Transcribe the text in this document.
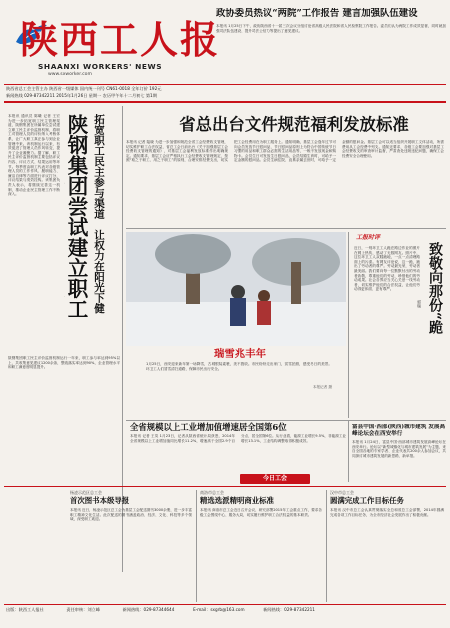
陕西工人报
SHAANXI WORKERS' NEWS
www.sxworker.com
政协委员热议“两院”工作报告 建言加强队伍建设
本报讯 1月25日下午，政协陕西省十一届三次会议分组讨论省高级人民法院和省人民检察院工作报告。委员们认为两院工作成效显著，同时就加强司法队伍建设、提升司法公信力等提出了意见建议。
陕西省总工会主管主办 陕西省一级媒体 国内统一刊号 CN61-0018 全年订价 192元
新闻热线 029-87342211 2015年1月26日 星期一 农历甲午年十二月初七 第1期
陕钢集团尝试建立职工
拓宽职工民主参与渠道　让权力在阳光下健
本报讯 通讯员 陈曦 记者 王宏 为进一步拓宽职工民主管理渠道，陕钢集团在所属单位尝试建立职工民主评价监督机制，将职工对管理人员的评价纳入考核体系，让广大职工真正参与到企业管理中来。该机制运行以来，有效促进了管理人员作风转变，提升了企业凝聚力。据了解，职工民主评价监督机制主要包括评议内容、评议方式、结果运用等环节。每季度由职工代表对各级管理人员的工作作风、履职能力、廉洁自律等方面进行评议打分，评议结果与绩效挂钩。该集团负责人表示，将继续完善这一机制，推动企业民主管理工作不断深入。
陕钢集团职工民主评价监督机制运行一年来，职工参与率达到95%以上，共收集意见建议1200余条，整改落实率达到90%，企业管理水平和职工满意度明显提升。
省总出台文件规范福利发放标准
本报讯 记者 陆晓 为进一步加强和规范全省工会经费收支管理，切实维护职工合法权益，省总工会日前出台《关于加强基层工会经费收支管理的通知》，对基层工会福利发放标准作出明确规定。通知要求，基层工会应严格执行工会经费收支管理规定，按照“取之于职工、用之于职工”的原则，合理安排经费支出，切实把工会经费用在为职工服务上。通知明确，基层工会逢年过节可向会员发放节日慰问品，节日慰问品原则上为符合中国传统节日习惯的用品和职工群众必需的生活用品等，一般不发放现金和购物卡。会员生日可发放生日慰问品，会员结婚生育时，可给予一定金额的慰问品。会员生病住院、直系亲属去世时，可给予一定金额的慰问金。基层工会可以适当组织开展职工文体活动，所需费用从工会经费中列支。通知还要求，各级工会要加强对基层工会经费收支的审查审计监督，严肃查处违规违纪问题，确保工会经费安全合理使用。
瑞雪兆丰年
1月25日，西安迎来新年第一场降雪，古城银装素裹，美不胜收。市民纷纷走出家门，赏雪拍照，感受冬日的美景。环卫工人们冒雪清扫道路，保障市民出行安全。
本报记者 摄
工报时评
致敬向那份“跪
郭瑞
近日，一则环卫工人跪在路边作业的照片在网上热传，感动了无数网友。照片中，这位环卫工人双膝跪地，一点一点清理路面上的污渍。有网友评论说，这一跪，跪出了劳动者的尊严。劳动最光荣，劳动者最美丽。我们要向每一位默默付出的劳动者致敬，尊重他们的劳动，珍惜他们的劳动成果。社会各界应当关心关爱一线劳动者，切实维护他们的合法权益，让他们劳动得更体面、更有尊严。
全省规模以上工业增加值增速居全国第6位
本报讯 记者 王岚 1月23日，记者从陕西省统计局获悉，2014年全省规模以上工业增加值同比增长11.2%，增速高于全国2.9个百分点，居全国第6位。从行业看，能源工业增长9.5%，非能源工业增长13.1%，工业结构调整取得积极成效。
富县中国·西部(陕西)城市建筑 发展高峰论坛会在西安举行
本报讯 1月24日，富县中国·西部城市建筑发展高峰论坛在西安举行。论坛以“新型城镇化与城市建筑发展”为主题，来自全国各地的专家学者、企业代表共200余人参加会议，共同探讨城市建筑发展的新思路、新举措。
今日工会
杨凌示范区总工会
首次图书本级导报
本报讯 近日，杨凌示范区总工会为基层工会配送图书3000余册，进一步丰富职工精神文化生活。此次配送的图书涵盖政治、经济、文化、科技等多个领域，深受职工欢迎。
商洛市总工会
精选选派精明商业标准
本报讯 商洛市总工会近日召开会议，研究部署2015年工会重点工作，要求各级工会围绕中心、服务大局，切实履行维护职工合法权益的基本职责。
汉中市总工会
圆满完成工作目标任务
本报讯 汉中市总工会认真贯彻落实全总和省总工会部署，2014年圆满完成各项工作目标任务，为全市经济社会发展作出了积极贡献。
出版：陕西工人报社	责任审核：刘立峰	新闻热线：029-87344644	E-mail：sxgrb@163.com	新闻热线：029-87342211
